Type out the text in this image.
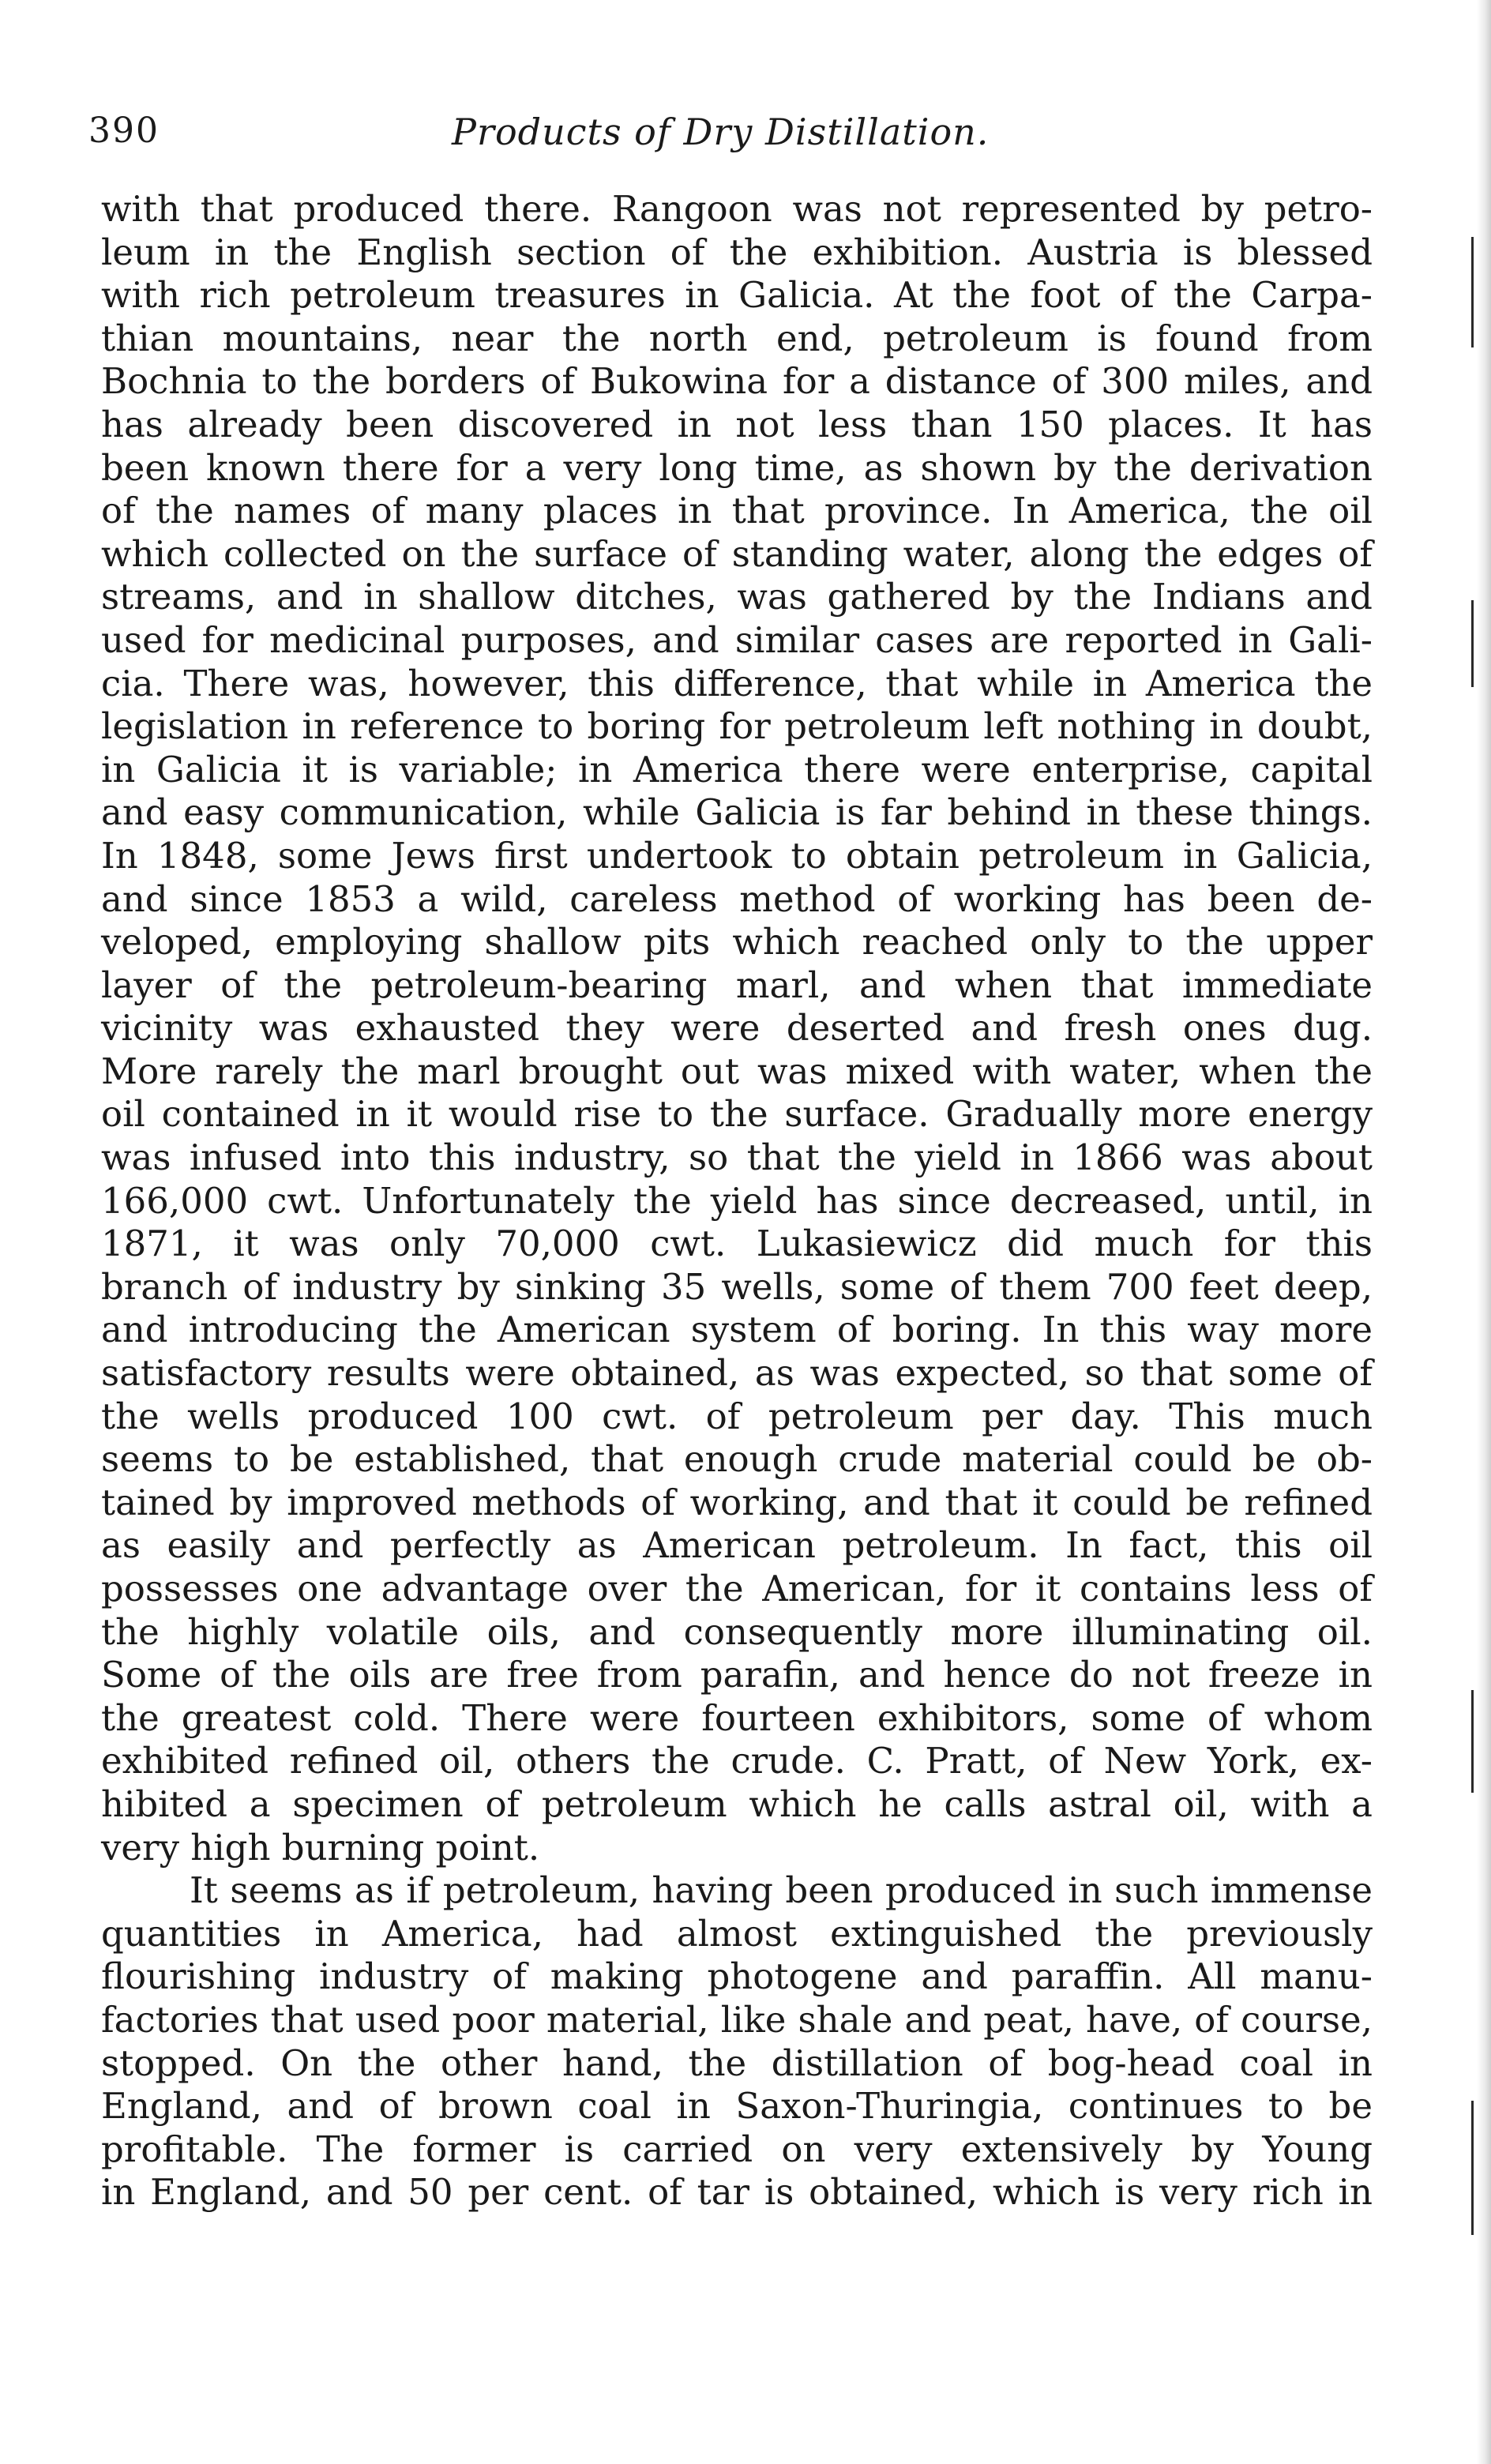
390	Products of Dry Distillation.
with that produced there. Rangoon was not represented by petro-
leum in the English section of the exhibition. Austria is blessed
with rich petroleum treasures in Galicia. At the foot of the Carpa-
thian mountains, near the north end, petroleum is found from
Bochnia to the borders of Bukowina for a distance of 300 miles, and
has already been discovered in not less than 150 places. It has
been known there for a very long time, as shown by the derivation
of the names of many places in that province. In America, the oil
which collected on the surface of standing water, along the edges of
streams, and in shallow ditches, was gathered by the Indians and
used for medicinal purposes, and similar cases are reported in Gali-
cia. There was, however, this difference, that while in America the
legislation in reference to boring for petroleum left nothing in doubt,
in Galicia it is variable; in America there were enterprise, capital
and easy communication, while Galicia is far behind in these things.
In 1848, some Jews first undertook to obtain petroleum in Galicia,
and since 1853 a wild, careless method of working has been de-
veloped, employing shallow pits which reached only to the upper
layer of the petroleum-bearing marl, and when that immediate
vicinity was exhausted they were deserted and fresh ones dug.
More rarely the marl brought out was mixed with water, when the
oil contained in it would rise to the surface. Gradually more energy
was infused into this industry, so that the yield in 1866 was about
166,000 cwt. Unfortunately the yield has since decreased, until, in
1871, it was only 70,000 cwt. Lukasiewicz did much for this
branch of industry by sinking 35 wells, some of them 700 feet deep,
and introducing the American system of boring. In this way more
satisfactory results were obtained, as was expected, so that some of
the wells produced 100 cwt. of petroleum per day. This much
seems to be established, that enough crude material could be ob-
tained by improved methods of working, and that it could be refined
as easily and perfectly as American petroleum. In fact, this oil
possesses one advantage over the American, for it contains less of
the highly volatile oils, and consequently more illuminating oil.
Some of the oils are free from parafin, and hence do not freeze in
the greatest cold. There were fourteen exhibitors, some of whom
exhibited refined oil, others the crude. C. Pratt, of New York, ex-
hibited a specimen of petroleum which he calls astral oil, with a
very high burning point.
It seems as if petroleum, having been produced in such immense
quantities in America, had almost extinguished the previously
flourishing industry of making photogene and paraffin. All manu-
factories that used poor material, like shale and peat, have, of course,
stopped. On the other hand, the distillation of bog-head coal in
England, and of brown coal in Saxon-Thuringia, continues to be
profitable. The former is carried on very extensively by Young
in England, and 50 per cent. of tar is obtained, which is very rich in
